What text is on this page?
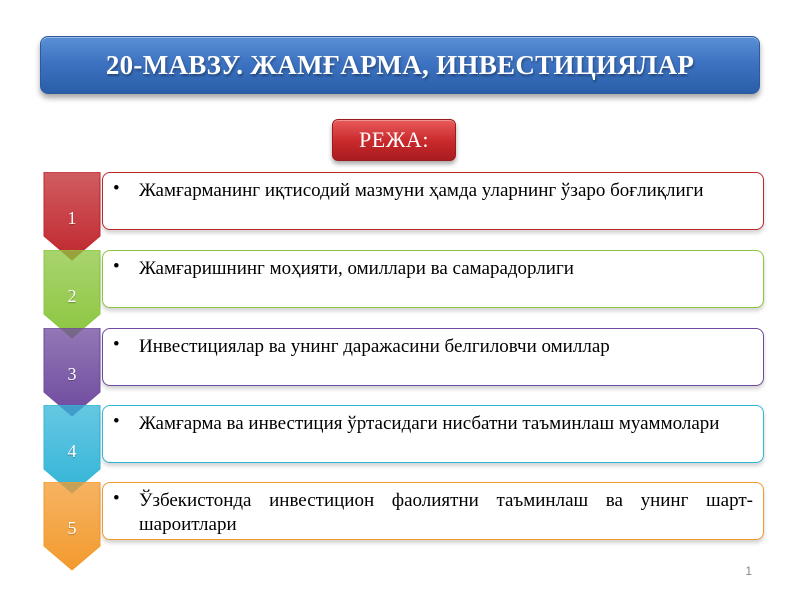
20-МАВЗУ. ЖАМҒАРМА, ИНВЕСТИЦИЯЛАР
РЕЖА:
1
• Жамғарманинг иқтисодий мазмуни ҳамда уларнинг ўзаро боғлиқлиги
2
• Жамғаришнинг моҳияти, омиллари ва самарадорлиги
3
• Инвестициялар ва унинг даражасини белгиловчи омиллар
4
• Жамғарма ва инвестиция ўртасидаги нисбатни таъминлаш муаммолари
5
• Ўзбекистонда инвестицион фаолиятни таъминлаш ва унинг шарт-шароитлари
1
